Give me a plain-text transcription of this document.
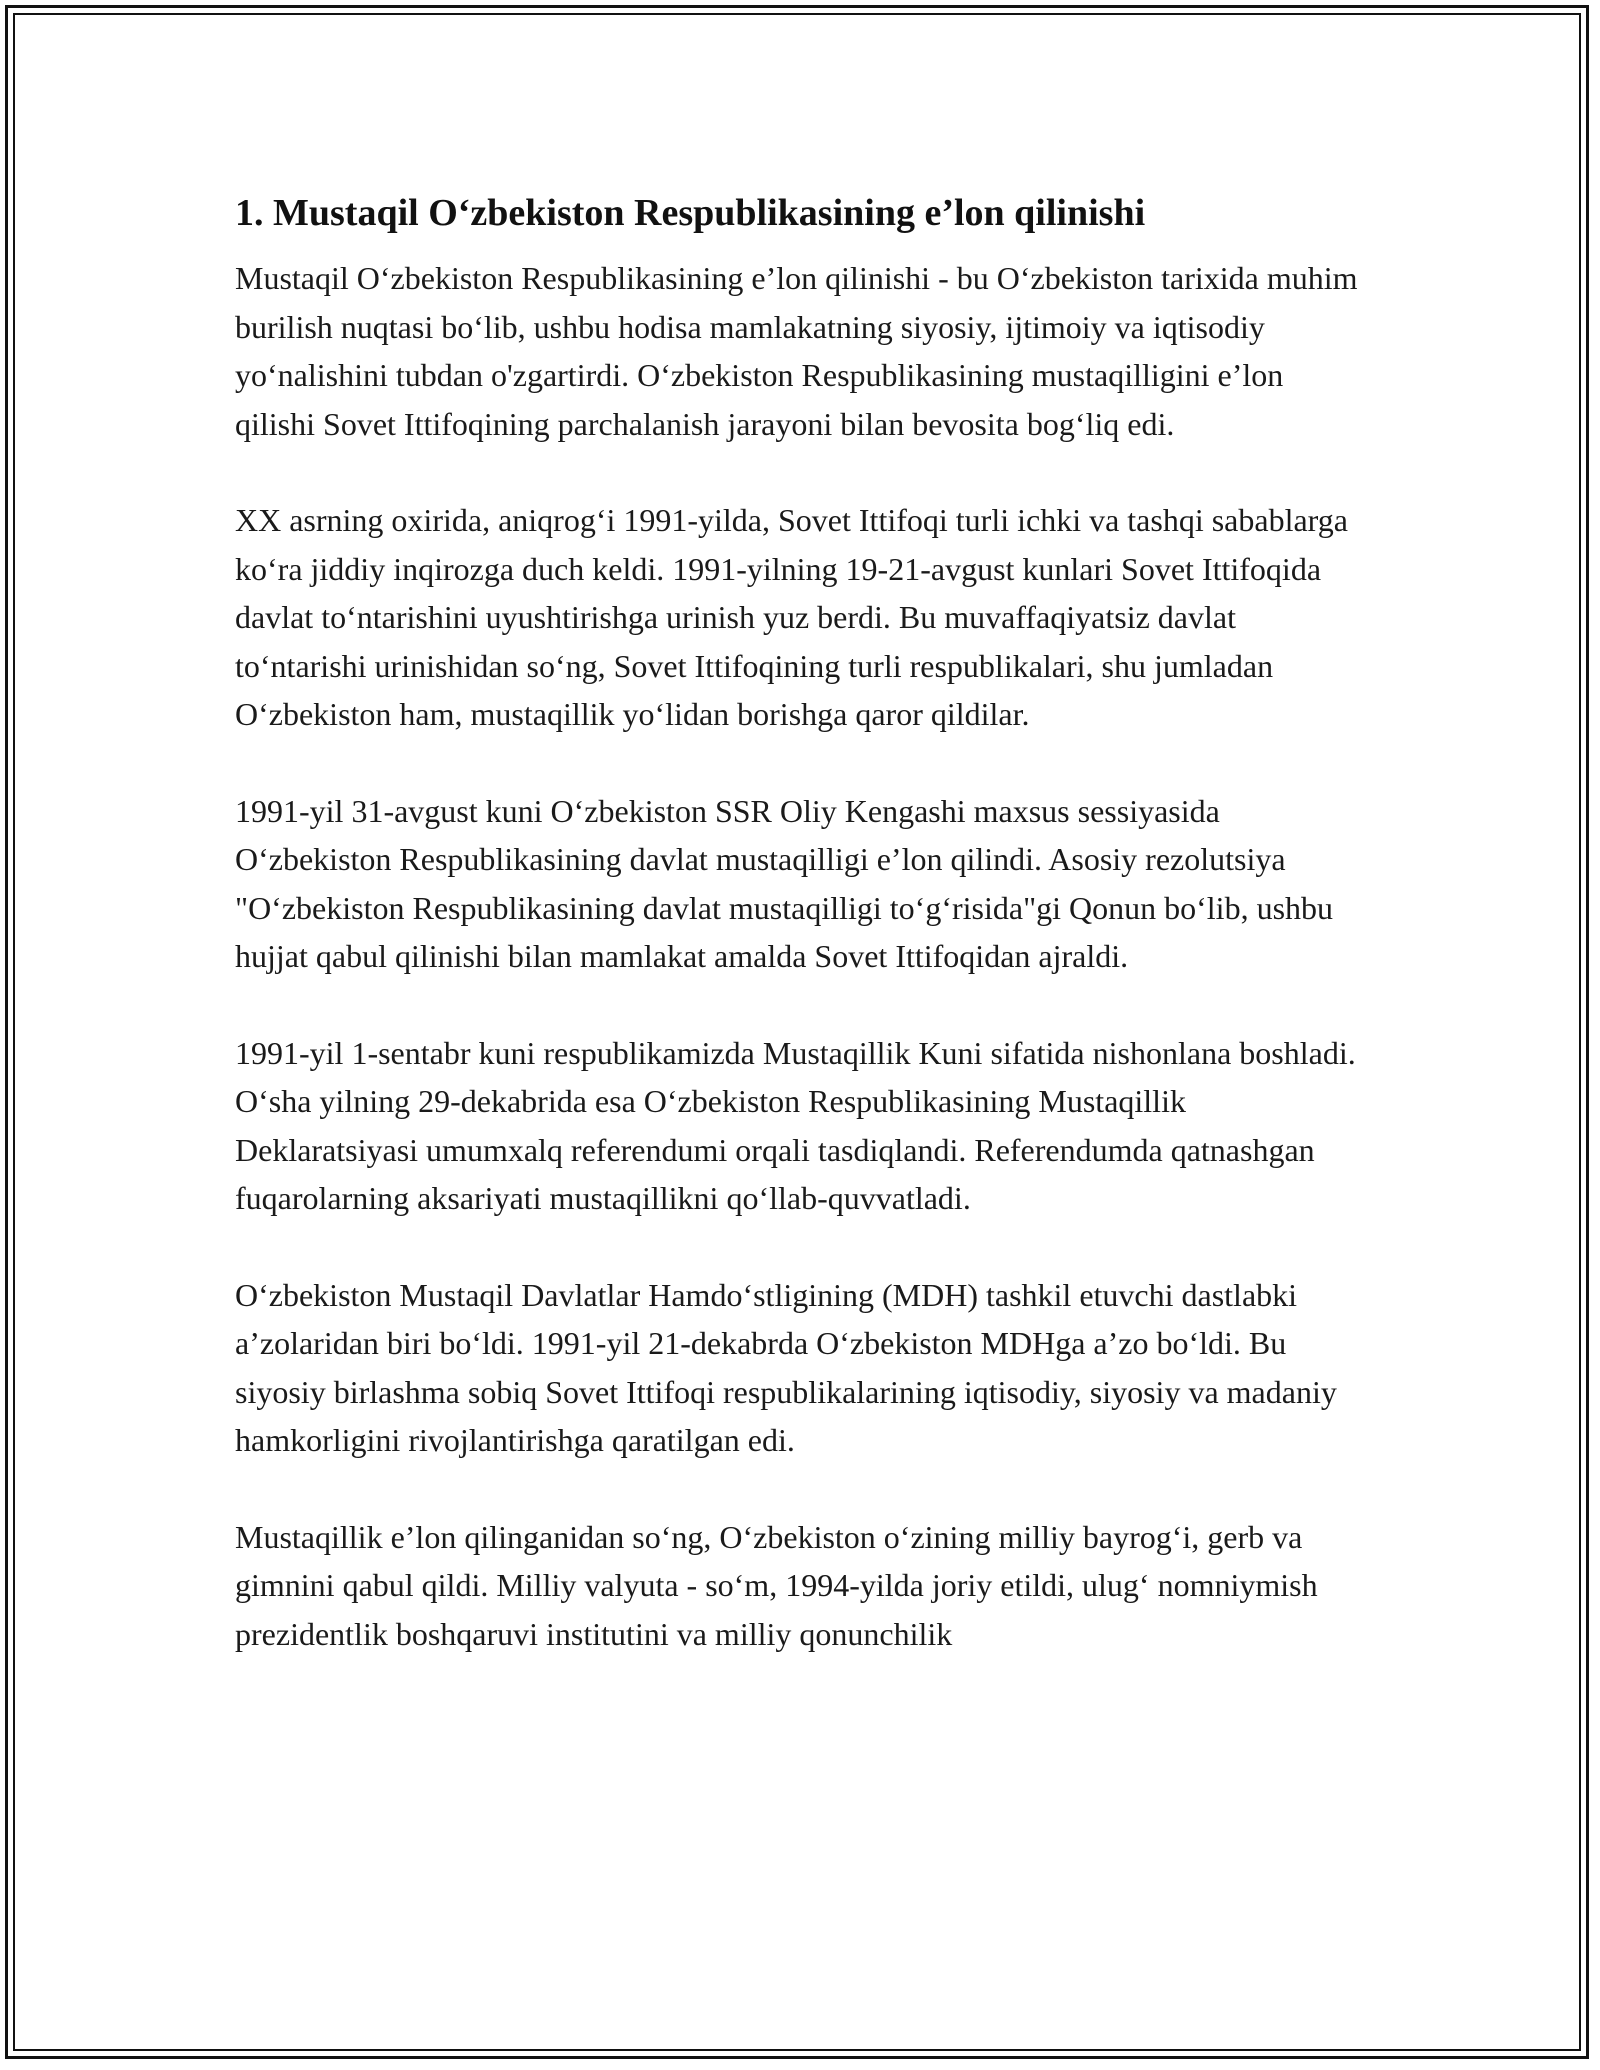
1. Mustaqil O‘zbekiston Respublikasining e’lon qilinishi

Mustaqil O‘zbekiston Respublikasining e’lon qilinishi - bu O‘zbekiston tarixida muhim burilish nuqtasi bo‘lib, ushbu hodisa mamlakatning siyosiy, ijtimoiy va iqtisodiy yo‘nalishini tubdan o'zgartirdi. O‘zbekiston Respublikasining mustaqilligini e’lon qilishi Sovet Ittifoqining parchalanish jarayoni bilan bevosita bog‘liq edi.

XX asrning oxirida, aniqrog‘i 1991-yilda, Sovet Ittifoqi turli ichki va tashqi sabablarga ko‘ra jiddiy inqirozga duch keldi. 1991-yilning 19-21-avgust kunlari Sovet Ittifoqida davlat to‘ntarishini uyushtirishga urinish yuz berdi. Bu muvaffaqiyatsiz davlat to‘ntarishi urinishidan so‘ng, Sovet Ittifoqining turli respublikalari, shu jumladan O‘zbekiston ham, mustaqillik yo‘lidan borishga qaror qildilar.

1991-yil 31-avgust kuni O‘zbekiston SSR Oliy Kengashi maxsus sessiyasida O‘zbekiston Respublikasining davlat mustaqilligi e’lon qilindi. Asosiy rezolutsiya "O‘zbekiston Respublikasining davlat mustaqilligi to‘g‘risida"gi Qonun bo‘lib, ushbu hujjat qabul qilinishi bilan mamlakat amalda Sovet Ittifoqidan ajraldi.

1991-yil 1-sentabr kuni respublikamizda Mustaqillik Kuni sifatida nishonlana boshladi. O‘sha yilning 29-dekabrida esa O‘zbekiston Respublikasining Mustaqillik Deklaratsiyasi umumxalq referendumi orqali tasdiqlandi. Referendumda qatnashgan fuqarolarning aksariyati mustaqillikni qo‘llab-quvvatladi.

O‘zbekiston Mustaqil Davlatlar Hamdo‘stligining (MDH) tashkil etuvchi dastlabki a’zolaridan biri bo‘ldi. 1991-yil 21-dekabrda O‘zbekiston MDHga a’zo bo‘ldi. Bu siyosiy birlashma sobiq Sovet Ittifoqi respublikalarining iqtisodiy, siyosiy va madaniy hamkorligini rivojlantirishga qaratilgan edi.

Mustaqillik e’lon qilinganidan so‘ng, O‘zbekiston o‘zining milliy bayrog‘i, gerb va gimnini qabul qildi. Milliy valyuta - so‘m, 1994-yilda joriy etildi, ulug‘ nomniymish prezidentlik boshqaruvi institutini va milliy qonunchilik
